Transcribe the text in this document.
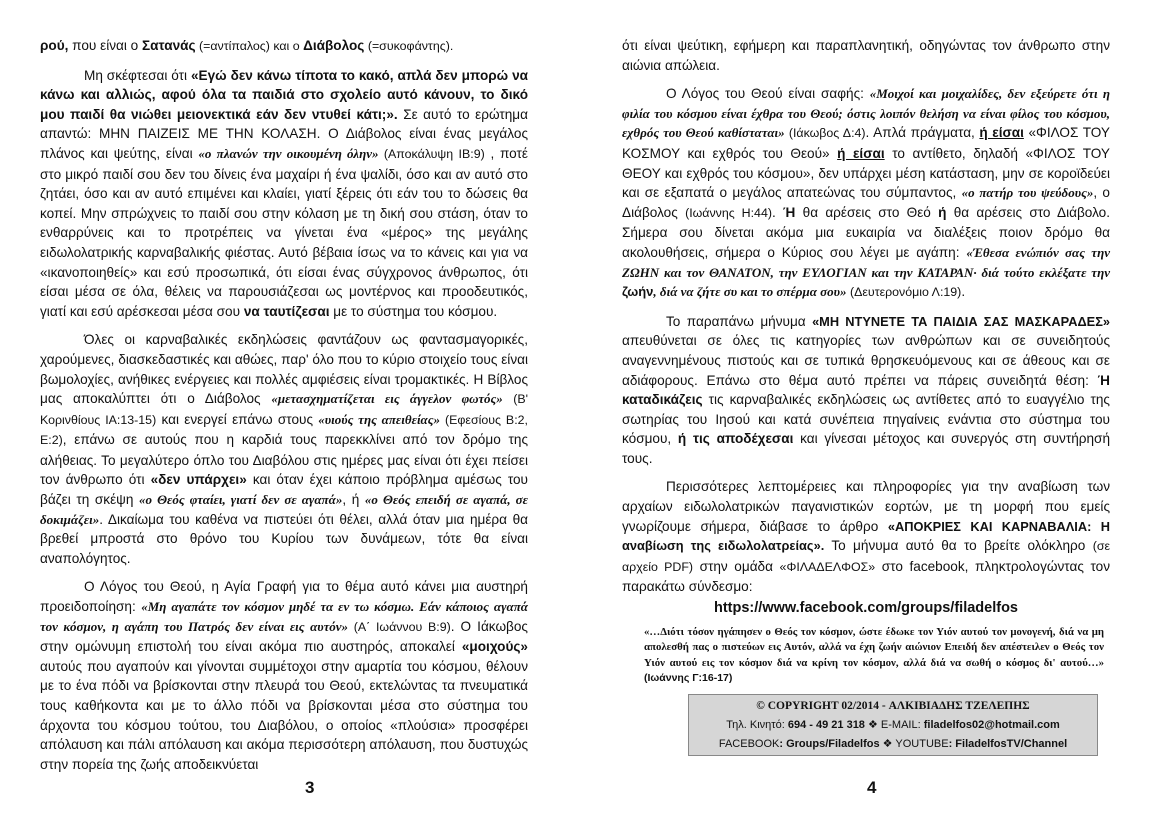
ρού, που είναι ο Σατανάς (=αντίπαλος) και ο Διάβολος (=συκοφάντης).

Μη σκέφτεσαι ότι «Εγώ δεν κάνω τίποτα το κακό, απλά δεν μπορώ να κάνω και αλλιώς, αφού όλα τα παιδιά στο σχολείο αυτό κάνουν, το δικό μου παιδί θα νιώθει μειονεκτικά εάν δεν ντυθεί κάτι;». Σε αυτό το ερώτημα απαντώ: ΜΗΝ ΠΑΙΖΕΙΣ ΜΕ ΤΗΝ ΚΟΛΑΣΗ. Ο Διάβολος είναι ένας μεγάλος πλάνος και ψεύτης, είναι «ο πλανών την οικουμένη όλην» (Αποκάλυψη ΙΒ:9) , ποτέ στο μικρό παιδί σου δεν του δίνεις ένα μαχαίρι ή ένα ψαλίδι, όσο και αν αυτό στο ζητάει, όσο και αν αυτό επιμένει και κλαίει, γιατί ξέρεις ότι εάν του το δώσεις θα κοπεί. Μην σπρώχνεις το παιδί σου στην κόλαση με τη δική σου στάση, όταν το ενθαρρύνεις και το προτρέπεις να γίνεται ένα «μέρος» της μεγάλης ειδωλολατρικής καρναβαλικής φιέστας. Αυτό βέβαια ίσως να το κάνεις και για να «ικανοποιηθείς» και εσύ προσωπικά, ότι είσαι ένας σύγχρονος άνθρωπος, ότι είσαι μέσα σε όλα, θέλεις να παρουσιάζεσαι ως μοντέρνος και προοδευτικός, γιατί και εσύ αρέσκεσαι μέσα σου να ταυτίζεσαι με το σύστημα του κόσμου.

Όλες οι καρναβαλικές εκδηλώσεις φαντάζουν ως φαντασμαγορικές, χαρούμενες, διασκεδαστικές και αθώες, παρ' όλο που το κύριο στοιχείο τους είναι βωμολοχίες, ανήθικες ενέργειες και πολλές αμφιέσεις είναι τρομακτικές. Η Βίβλος μας αποκαλύπτει ότι ο Διάβολος «μετασχηματίζεται εις άγγελον φωτός» (Β' Κορινθίους ΙΑ:13-15) και ενεργεί επάνω στους «υιούς της απειθείας» (Εφεσίους Β:2, Ε:2), επάνω σε αυτούς που η καρδιά τους παρεκκλίνει από τον δρόμο της αλήθειας. Το μεγαλύτερο όπλο του Διαβόλου στις ημέρες μας είναι ότι έχει πείσει τον άνθρωπο ότι «δεν υπάρχει» και όταν έχει κάποιο πρόβλημα αμέσως του βάζει τη σκέψη «ο Θεός φταίει, γιατί δεν σε αγαπά», ή «ο Θεός επειδή σε αγαπά, σε δοκιμάζει». Δικαίωμα του καθένα να πιστεύει ότι θέλει, αλλά όταν μια ημέρα θα βρεθεί μπροστά στο θρόνο του Κυρίου των δυνάμεων, τότε θα είναι αναπολόγητος.

Ο Λόγος του Θεού, η Αγία Γραφή για το θέμα αυτό κάνει μια αυστηρή προειδοποίηση: «Μη αγαπάτε τον κόσμον μηδέ τα εν τω κόσμω. Εάν κάποιος αγαπά τον κόσμον, η αγάπη του Πατρός δεν είναι εις αυτόν» (Α΄ Ιωάννου Β:9). Ο Ιάκωβος στην ομώνυμη επιστολή του είναι ακόμα πιο αυστηρός, αποκαλεί «μοιχούς» αυτούς που αγαπούν και γίνονται συμμέτοχοι στην αμαρτία του κόσμου, θέλουν με το ένα πόδι να βρίσκονται στην πλευρά του Θεού, εκτελώντας τα πνευματικά τους καθήκοντα και με το άλλο πόδι να βρίσκονται μέσα στο σύστημα του άρχοντα του κόσμου τούτου, του Διαβόλου, ο οποίος «πλούσια» προσφέρει απόλαυση και πάλι απόλαυση και ακόμα περισσότερη απόλαυση, που δυστυχώς στην πορεία της ζωής αποδεικνύεται

ότι είναι ψεύτικη, εφήμερη και παραπλανητική, οδηγώντας τον άνθρωπο στην αιώνια απώλεια.

Ο Λόγος του Θεού είναι σαφής: «Μοιχοί και μοιχαλίδες, δεν εξεύρετε ότι η φιλία του κόσμου είναι έχθρα του Θεού; όστις λοιπόν θελήση να είναι φίλος του κόσμου, εχθρός του Θεού καθίσταται» (Ιάκωβος Δ:4). Απλά πράγματα, ή είσαι «ΦΙΛΟΣ ΤΟΥ ΚΟΣΜΟΥ και εχθρός του Θεού» ή είσαι το αντίθετο, δηλαδή «ΦΙΛΟΣ ΤΟΥ ΘΕΟΥ και εχθρός του κόσμου», δεν υπάρχει μέση κατάσταση, μην σε κοροϊδεύει και σε εξαπατά ο μεγάλος απατεώνας του σύμπαντος, «ο πατήρ του ψεύδους», ο Διάβολος (Ιωάννης Η:44). Ή θα αρέσεις στο Θεό ή θα αρέσεις στο Διάβολο. Σήμερα σου δίνεται ακόμα μια ευκαιρία να διαλέξεις ποιον δρόμο θα ακολουθήσεις, σήμερα ο Κύριος σου λέγει με αγάπη: «Έθεσα ενώπιόν σας την ΖΩΗΝ και τον ΘΑΝΑΤΟΝ, την ΕΥΛΟΓΙΑΝ και την ΚΑΤΑΡΑΝ· διά τούτο εκλέξατε την ζωήν, διά να ζήτε συ και το σπέρμα σου» (Δευτερονόμιο Λ:19).

Το παραπάνω μήνυμα «ΜΗ ΝΤΥΝΕΤΕ ΤΑ ΠΑΙΔΙΑ ΣΑΣ ΜΑΣΚΑΡΑΔΕΣ» απευθύνεται σε όλες τις κατηγορίες των ανθρώπων και σε συνειδητούς αναγεννημένους πιστούς και σε τυπικά θρησκευόμενους και σε άθεους και σε αδιάφορους. Επάνω στο θέμα αυτό πρέπει να πάρεις συνειδητά θέση: Ή καταδικάζεις τις καρναβαλικές εκδηλώσεις ως αντίθετες από το ευαγγέλιο της σωτηρίας του Ιησού και κατά συνέπεια πηγαίνεις ενάντια στο σύστημα του κόσμου, ή τις αποδέχεσαι και γίνεσαι μέτοχος και συνεργός στη συντήρησή τους.

Περισσότερες λεπτομέρειες και πληροφορίες για την αναβίωση των αρχαίων ειδωλολατρικών παγανιστικών εορτών, με τη μορφή που εμείς γνωρίζουμε σήμερα, διάβασε το άρθρο «ΑΠΟΚΡΙΕΣ ΚΑΙ ΚΑΡΝΑΒΑΛΙΑ: Η αναβίωση της ειδωλολατρείας». Το μήνυμα αυτό θα το βρείτε ολόκληρο (σε αρχείο PDF) στην ομάδα «ΦΙΛΑΔΕΛΦΟΣ» στο facebook, πληκτρολογώντας τον παρακάτω σύνδεσμο:

https://www.facebook.com/groups/filadelfos
«…Διότι τόσον ηγάπησεν ο Θεός τον κόσμον, ώστε έδωκε τον Υιόν αυτού τον μονογενή, διά να μη απολεσθή πας ο πιστεύων εις Αυτόν, αλλά να έχη ζωήν αιώνιον Επειδή δεν απέστειλεν ο Θεός τον Υιόν αυτού εις τον κόσμον διά να κρίνη τον κόσμον, αλλά διά να σωθή ο κόσμος δι' αυτού…» (Ιωάννης Γ:16-17)
© COPYRIGHT 02/2014 - ΑΛΚΙΒΙΑΔΗΣ ΤΖΕΛΕΠΗΣ
Τηλ. Κινητό: 694 - 49 21 318 ❖ E-MAIL: filadelfos02@hotmail.com
FACEBOOK: Groups/Filadelfos ❖ YOUTUBE: FiladelfosTV/Channel
3	4
